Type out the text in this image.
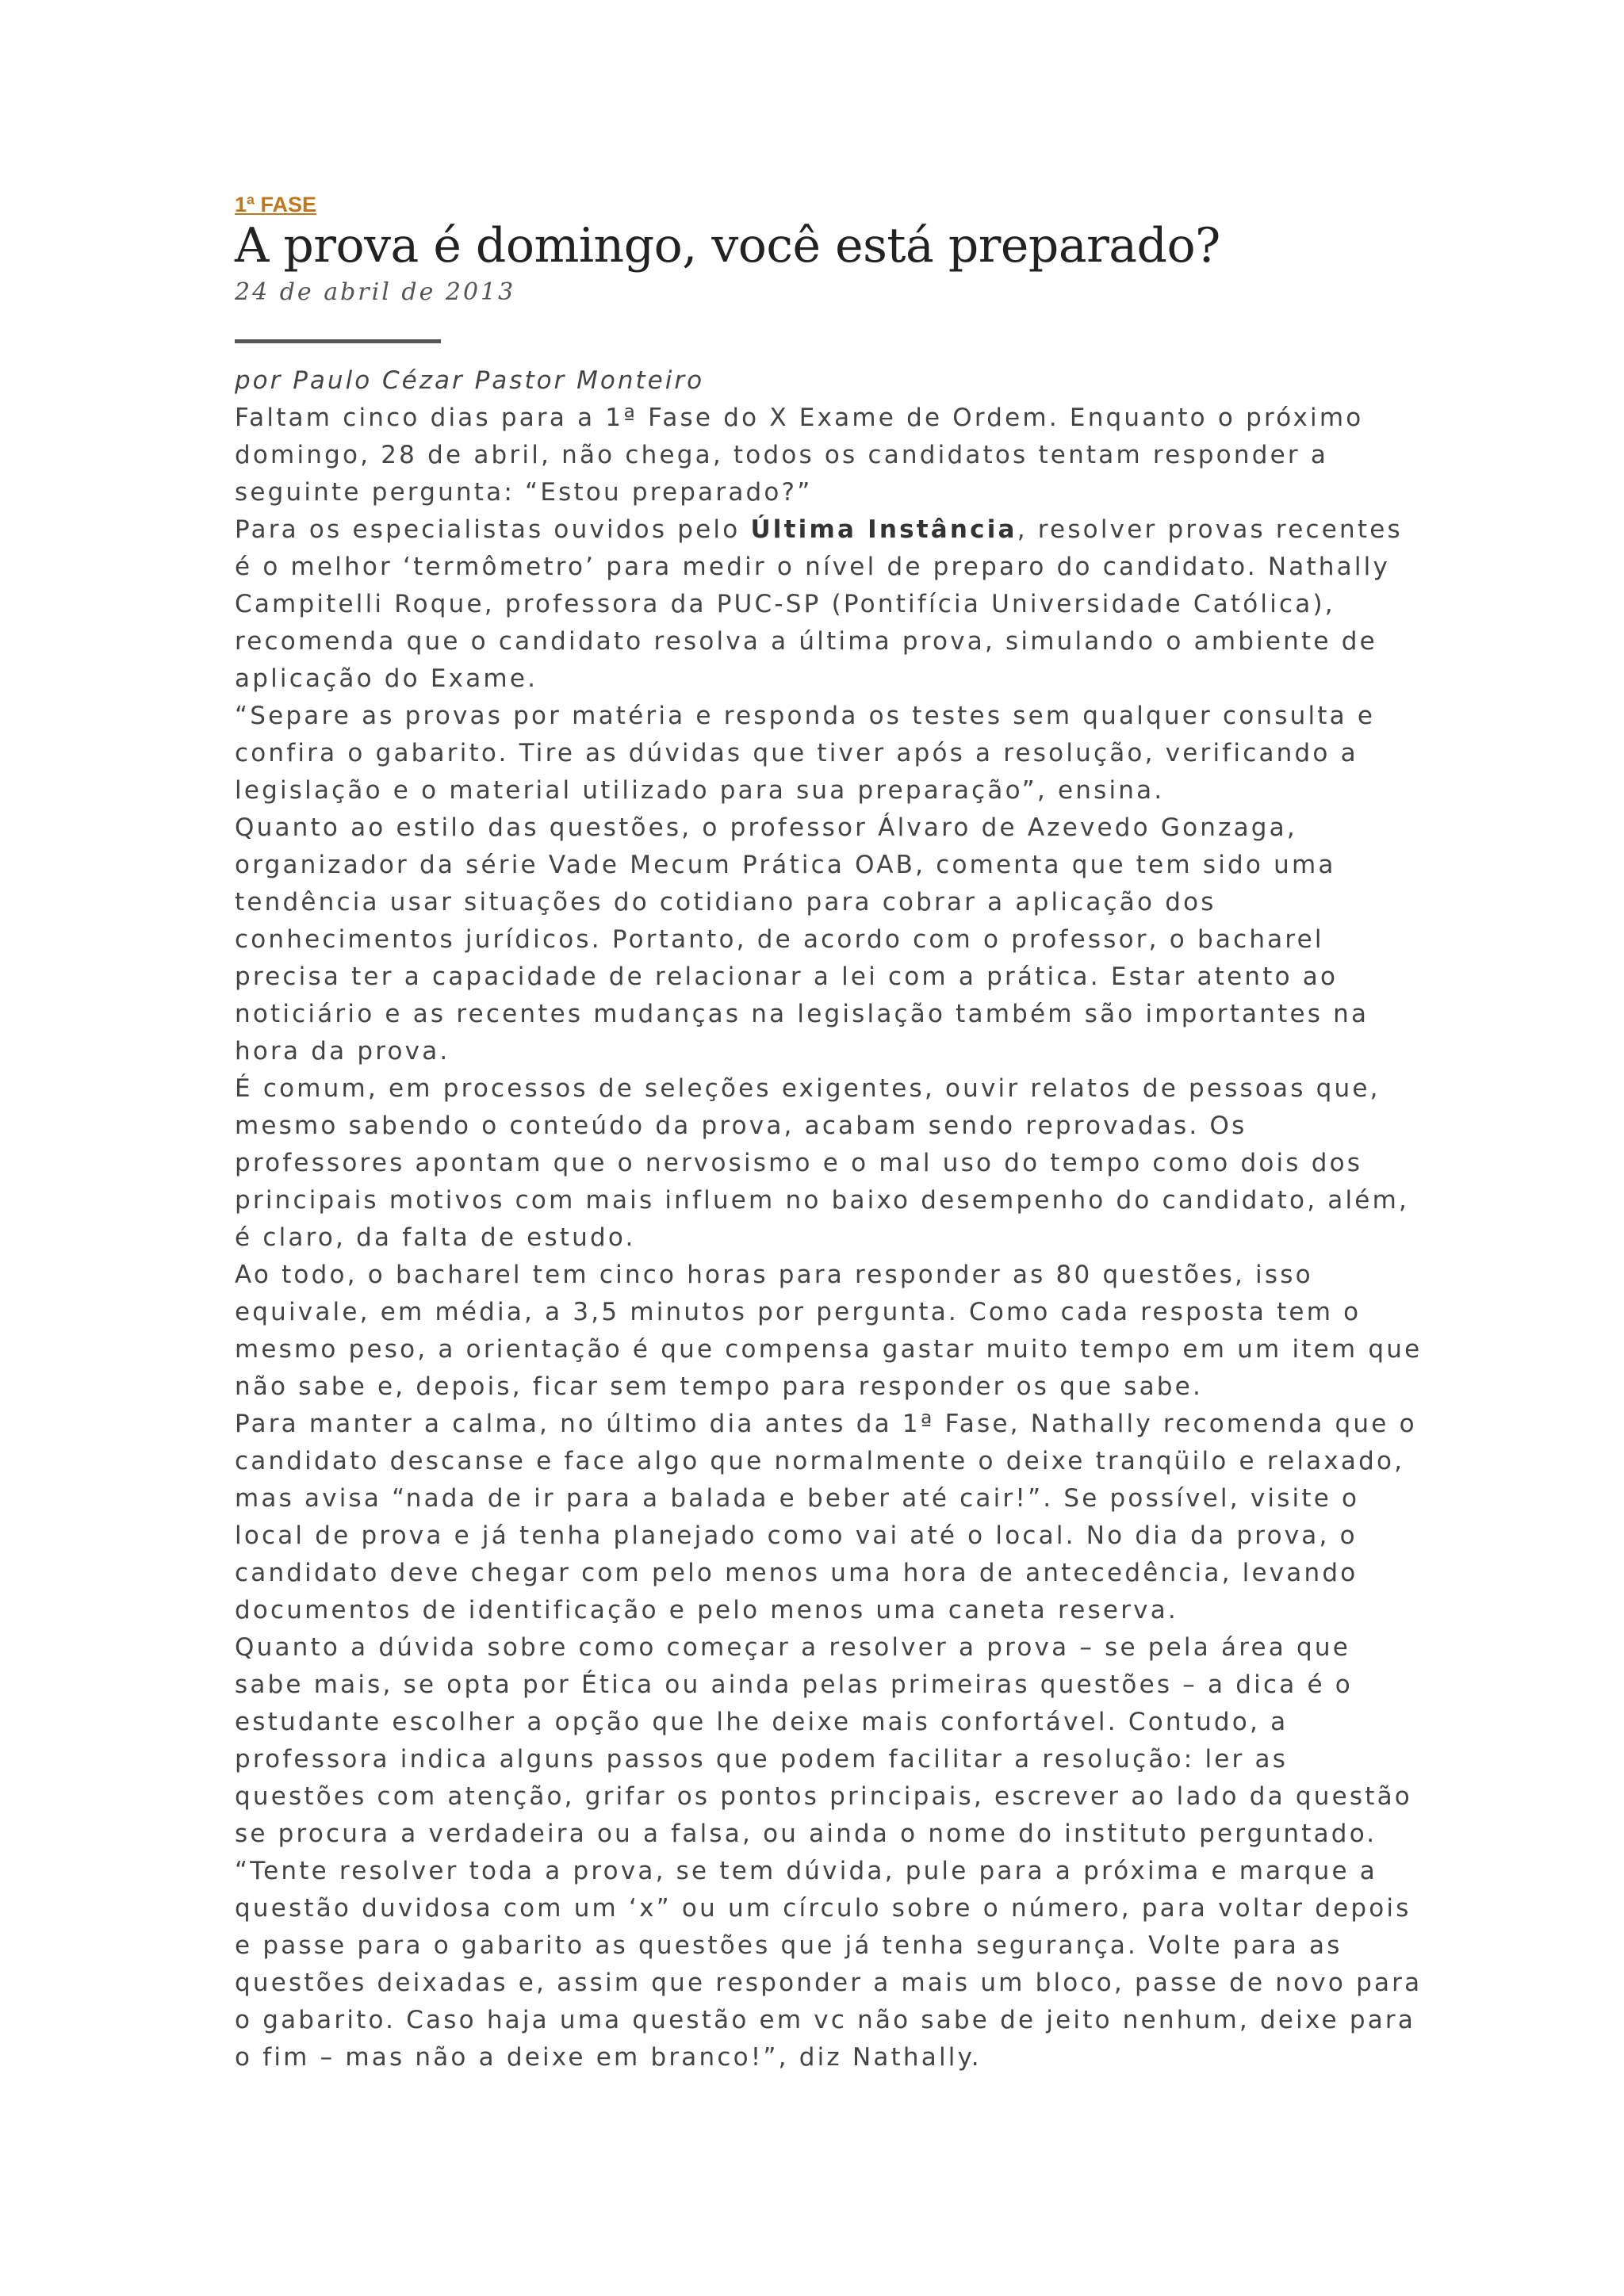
1ª FASE
A prova é domingo, você está preparado?
24 de abril de 2013
por Paulo Cézar Pastor Monteiro

Faltam cinco dias para a 1ª Fase do X Exame de Ordem. Enquanto o próximo domingo, 28 de abril, não chega, todos os candidatos tentam responder a seguinte pergunta: “Estou preparado?”

Para os especialistas ouvidos pelo Última Instância, resolver provas recentes é o melhor ‘termômetro’ para medir o nível de preparo do candidato. Nathally Campitelli Roque, professora da PUC-SP (Pontifícia Universidade Católica), recomenda que o candidato resolva a última prova, simulando o ambiente de aplicação do Exame.

“Separe as provas por matéria e responda os testes sem qualquer consulta e confira o gabarito. Tire as dúvidas que tiver após a resolução, verificando a legislação e o material utilizado para sua preparação”, ensina.

Quanto ao estilo das questões, o professor Álvaro de Azevedo Gonzaga, organizador da série Vade Mecum Prática OAB, comenta que tem sido uma tendência usar situações do cotidiano para cobrar a aplicação dos conhecimentos jurídicos. Portanto, de acordo com o professor, o bacharel precisa ter a capacidade de relacionar a lei com a prática. Estar atento ao noticiário e as recentes mudanças na legislação também são importantes na hora da prova.

É comum, em processos de seleções exigentes, ouvir relatos de pessoas que, mesmo sabendo o conteúdo da prova, acabam sendo reprovadas. Os professores apontam que o nervosismo e o mal uso do tempo como dois dos principais motivos com mais influem no baixo desempenho do candidato, além, é claro, da falta de estudo.

Ao todo, o bacharel tem cinco horas para responder as 80 questões, isso equivale, em média, a 3,5 minutos por pergunta. Como cada resposta tem o mesmo peso, a orientação é que compensa gastar muito tempo em um item que não sabe e, depois, ficar sem tempo para responder os que sabe.

Para manter a calma, no último dia antes da 1ª Fase, Nathally recomenda que o candidato descanse e face algo que normalmente o deixe tranqüilo e relaxado, mas avisa “nada de ir para a balada e beber até cair!”. Se possível, visite o local de prova e já tenha planejado como vai até o local. No dia da prova, o candidato deve chegar com pelo menos uma hora de antecedência, levando documentos de identificação e pelo menos uma caneta reserva.

Quanto a dúvida sobre como começar a resolver a prova – se pela área que sabe mais, se opta por Ética ou ainda pelas primeiras questões – a dica é o estudante escolher a opção que lhe deixe mais confortável. Contudo, a professora indica alguns passos que podem facilitar a resolução: ler as questões com atenção, grifar os pontos principais, escrever ao lado da questão se procura a verdadeira ou a falsa, ou ainda o nome do instituto perguntado.

“Tente resolver toda a prova, se tem dúvida, pule para a próxima e marque a questão duvidosa com um ‘x” ou um círculo sobre o número, para voltar depois e passe para o gabarito as questões que já tenha segurança. Volte para as questões deixadas e, assim que responder a mais um bloco, passe de novo para o gabarito. Caso haja uma questão em vc não sabe de jeito nenhum, deixe para o fim – mas não a deixe em branco!”, diz Nathally.
